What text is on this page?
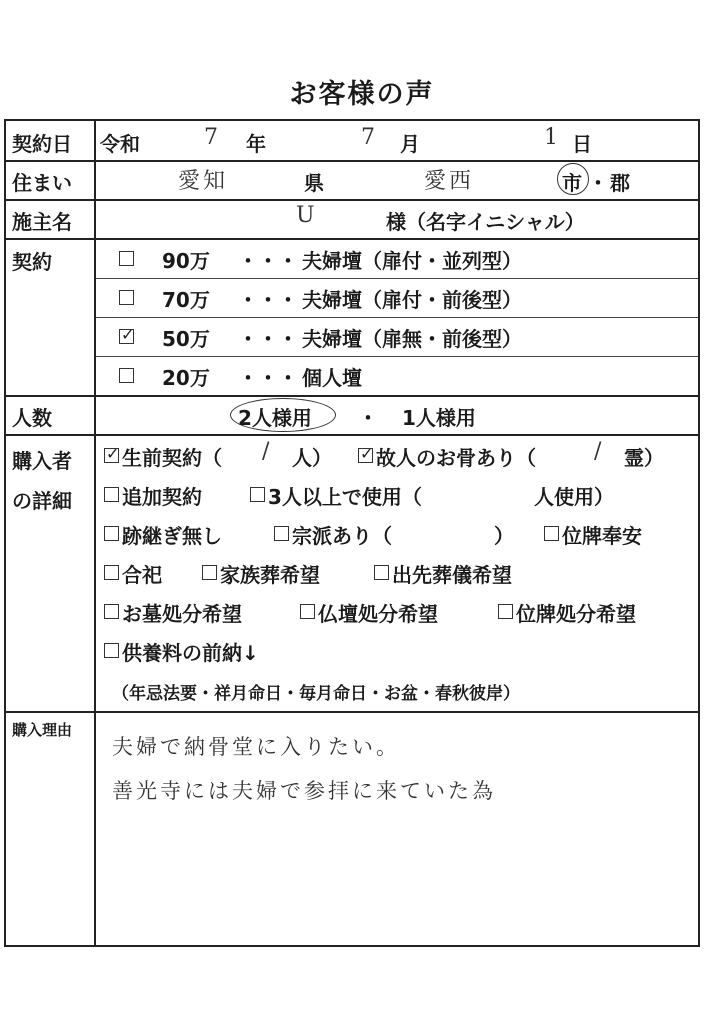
お客様の声
契約日 令和	7 年	7 月	1 日
住まい	愛知	県	愛西	市 ・ 郡
施主名	U	様（名字イニシャル）
契約	90万 ・・・ 夫婦壇（扉付・並列型）
70万 ・・・ 夫婦壇（扉付・前後型）
✓ 50万 ・・・ 夫婦壇（扉無・前後型）
20万 ・・・ 個人壇
人数	2人様用 ・ 1人様用
購入者
の詳細
✓ 生前契約（ / 人） ✓ 故人のお骨あり（	/ 霊）
追加契約	3人以上で使用（	人使用）
跡継ぎ無し	宗派あり（	） 位牌奉安
合祀	家族葬希望	出先葬儀希望
お墓処分希望	仏壇処分希望	位牌処分希望
供養料の前納↓
（年忌法要・祥月命日・毎月命日・お盆・春秋彼岸）
購入理由
夫婦で納骨堂に入りたい。
善光寺には夫婦で参拝に来ていた為
